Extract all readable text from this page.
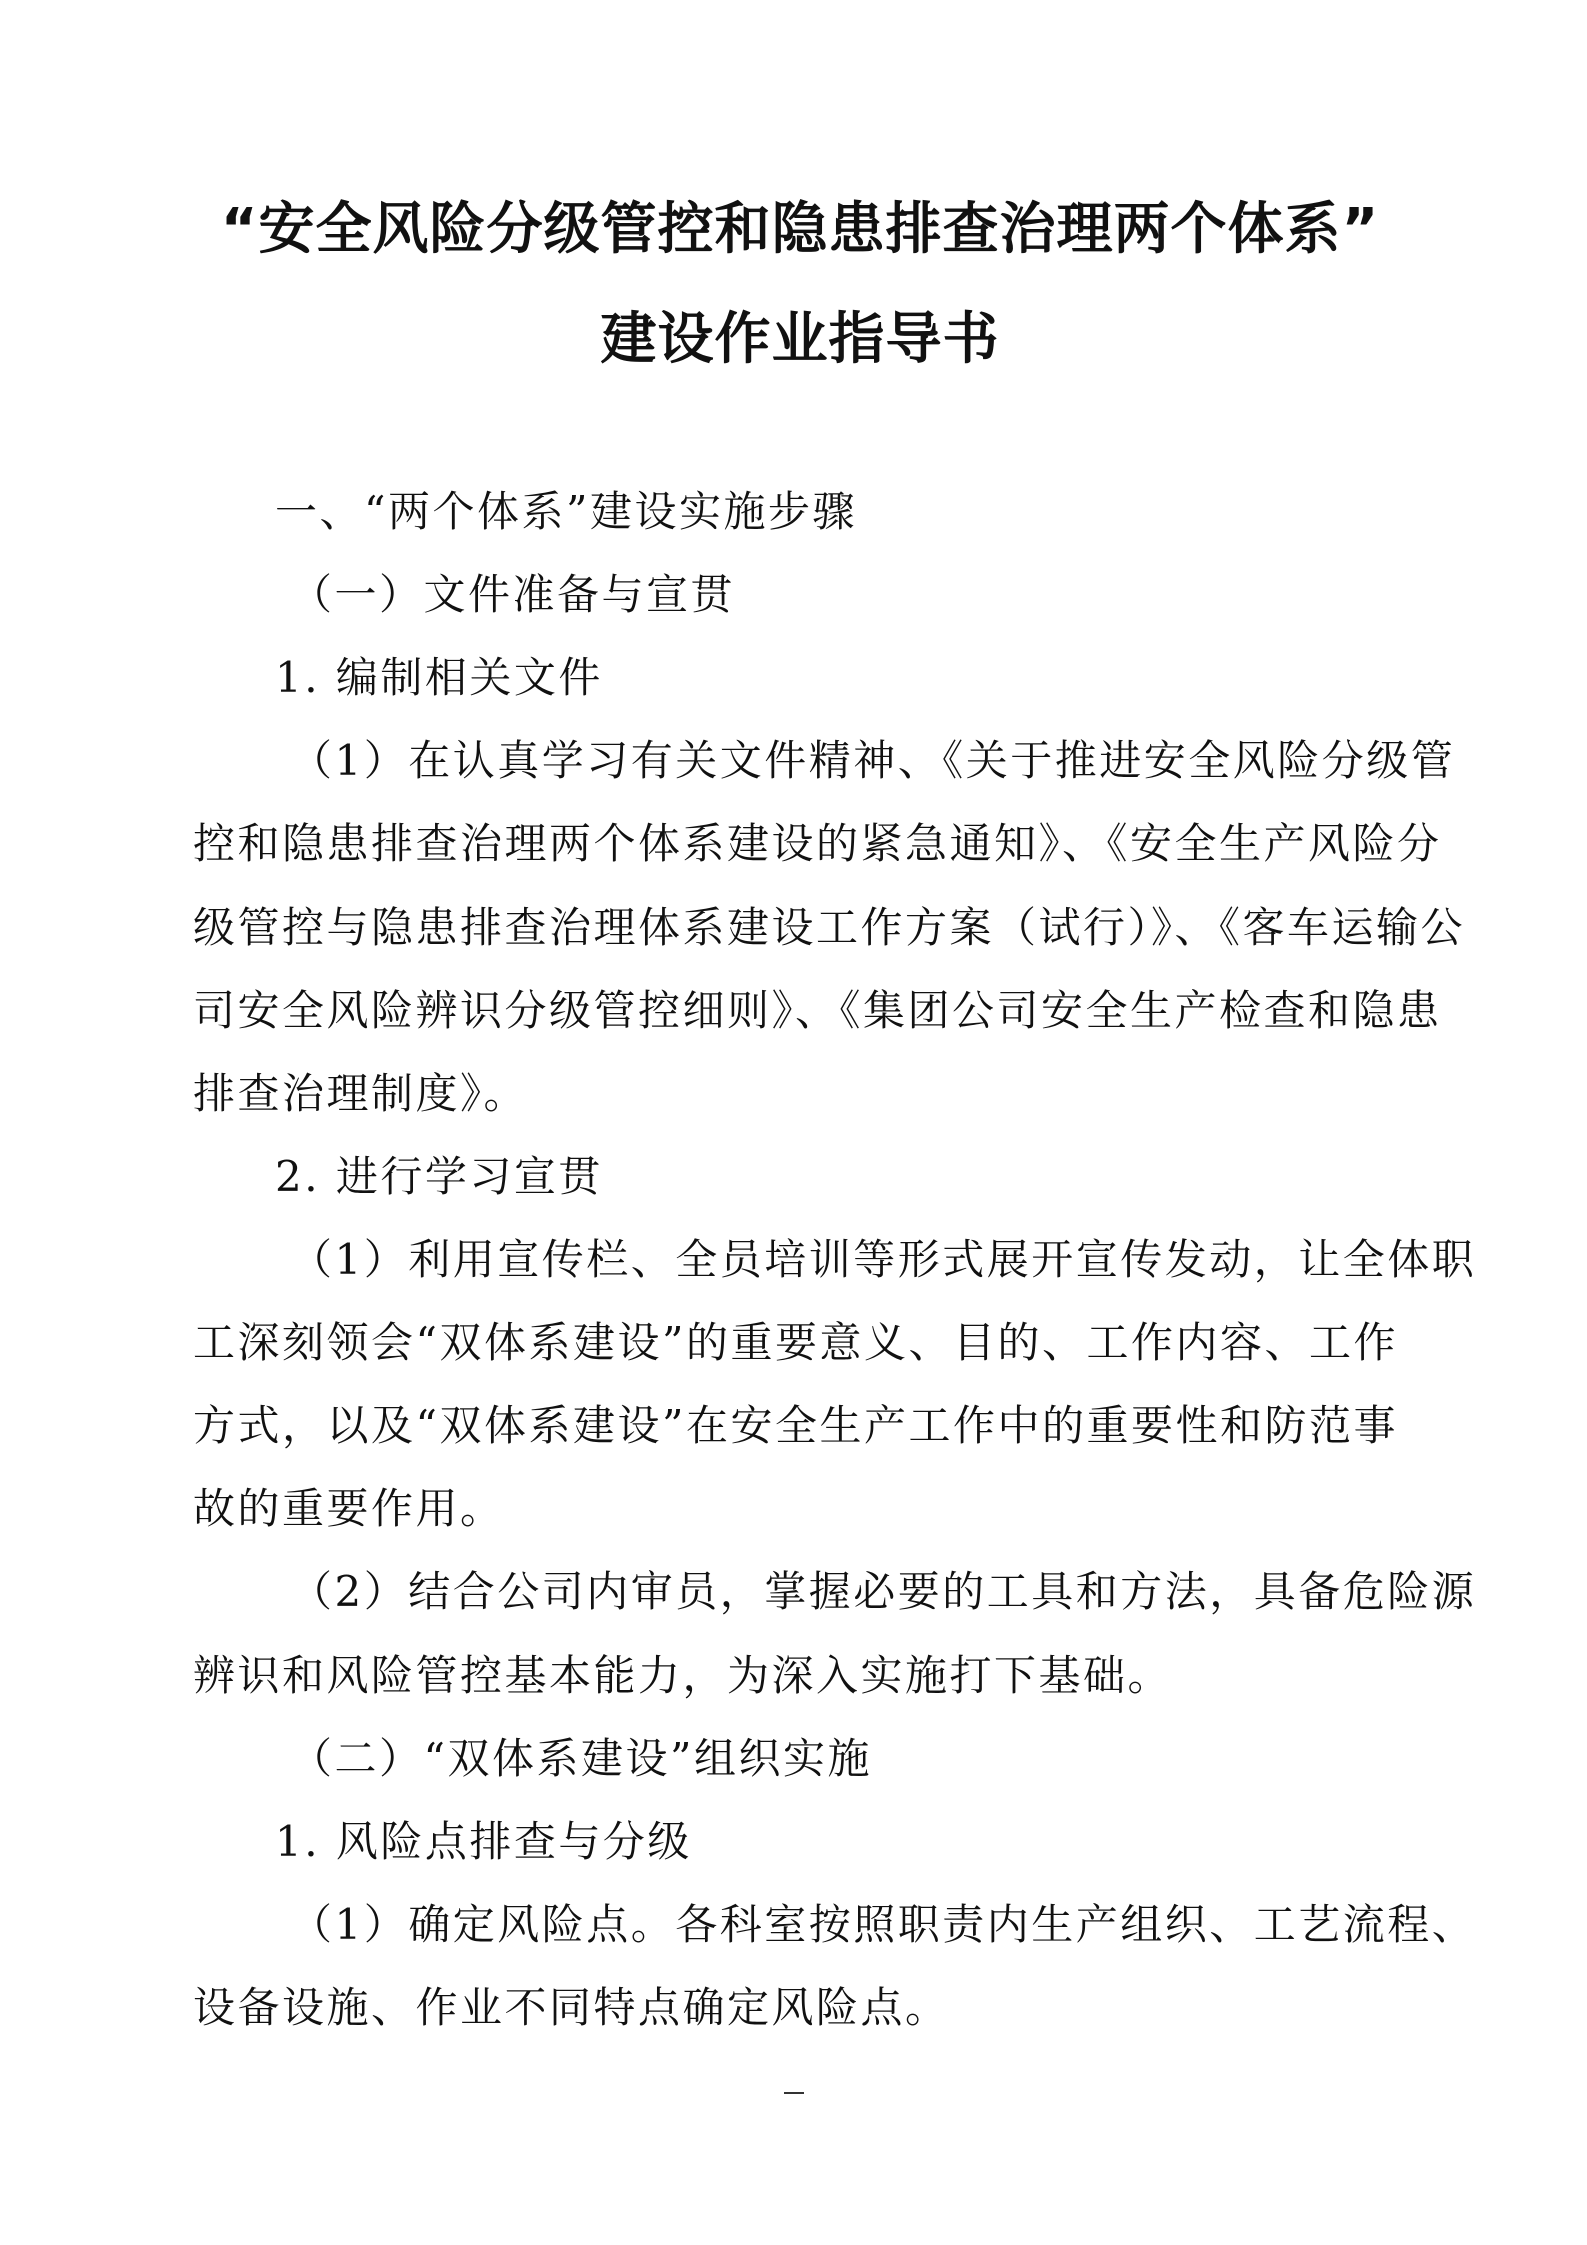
“安全风险分级管控和隐患排查治理两个体系”
建设作业指导书
一、“两个体系”建设实施步骤
（一）文件准备与宣贯
1. 编制相关文件
（1）在认真学习有关文件精神、《关于推进安全风险分级管
控和隐患排查治理两个体系建设的紧急通知》、《安全生产风险分
级管控与隐患排查治理体系建设工作方案（试行）》、《客车运输公
司安全风险辨识分级管控细则》、《集团公司安全生产检查和隐患
排查治理制度》。
2. 进行学习宣贯
（1）利用宣传栏、全员培训等形式展开宣传发动，让全体职
工深刻领会“双体系建设”的重要意义、目的、工作内容、工作
方式，以及“双体系建设”在安全生产工作中的重要性和防范事
故的重要作用。
（2）结合公司内审员，掌握必要的工具和方法，具备危险源
辨识和风险管控基本能力，为深入实施打下基础。
（二）“双体系建设”组织实施
1. 风险点排查与分级
（1）确定风险点。各科室按照职责内生产组织、工艺流程、
设备设施、作业不同特点确定风险点。
